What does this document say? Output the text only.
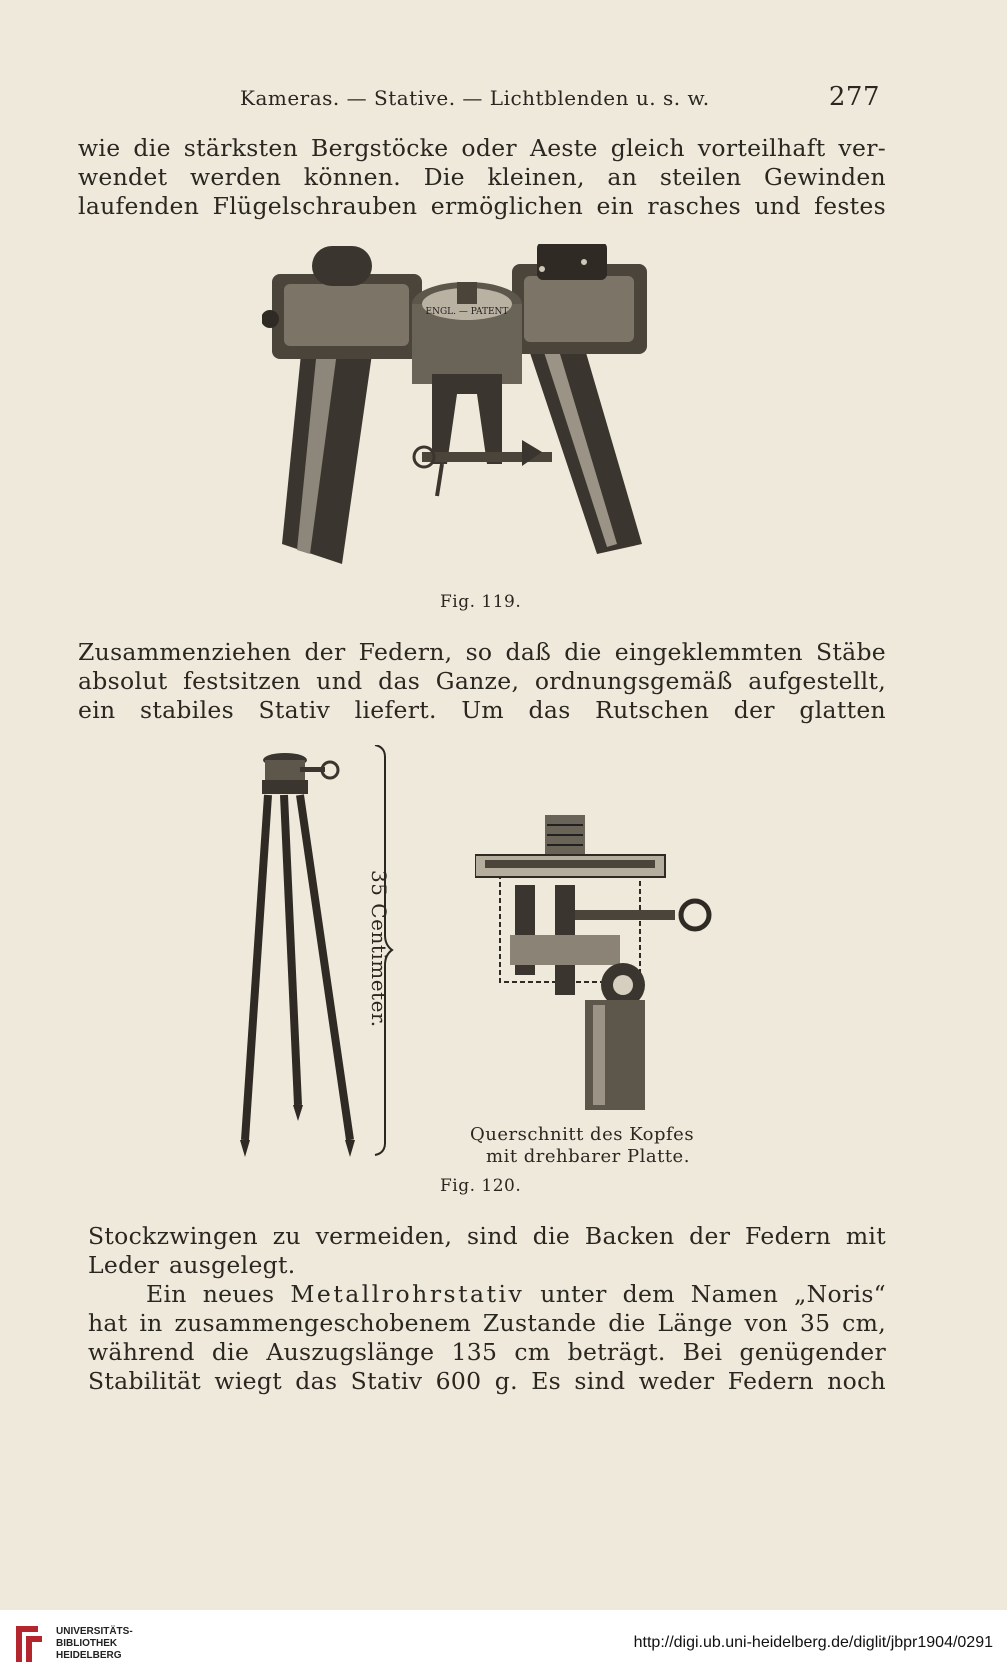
Kameras. — Stative. — Lichtblenden u. s. w.	277

wie die stärksten Bergstöcke oder Aeste gleich vorteilhaft ver-
wendet werden können. Die kleinen, an steilen Gewinden
laufenden Flügelschrauben ermöglichen ein rasches und festes

ENGL. — PATENT
Fig. 119.

Zusammenziehen der Federn, so daß die eingeklemmten Stäbe
absolut festsitzen und das Ganze, ordnungsgemäß aufgestellt,
ein stabiles Stativ liefert. Um das Rutschen der glatten

35 Centimeter.
Querschnitt des Kopfes
mit drehbarer Platte.
Fig. 120.

Stockzwingen zu vermeiden, sind die Backen der Federn mit
Leder ausgelegt.
Ein neues Metallrohrstativ unter dem Namen „Noris“
hat in zusammengeschobenem Zustande die Länge von 35 cm,
während die Auszugslänge 135 cm beträgt. Bei genügender
Stabilität wiegt das Stativ 600 g. Es sind weder Federn noch

UNIVERSITÄTS-
BIBLIOTHEK
HEIDELBERG
http://digi.ub.uni-heidelberg.de/diglit/jbpr1904/0291
